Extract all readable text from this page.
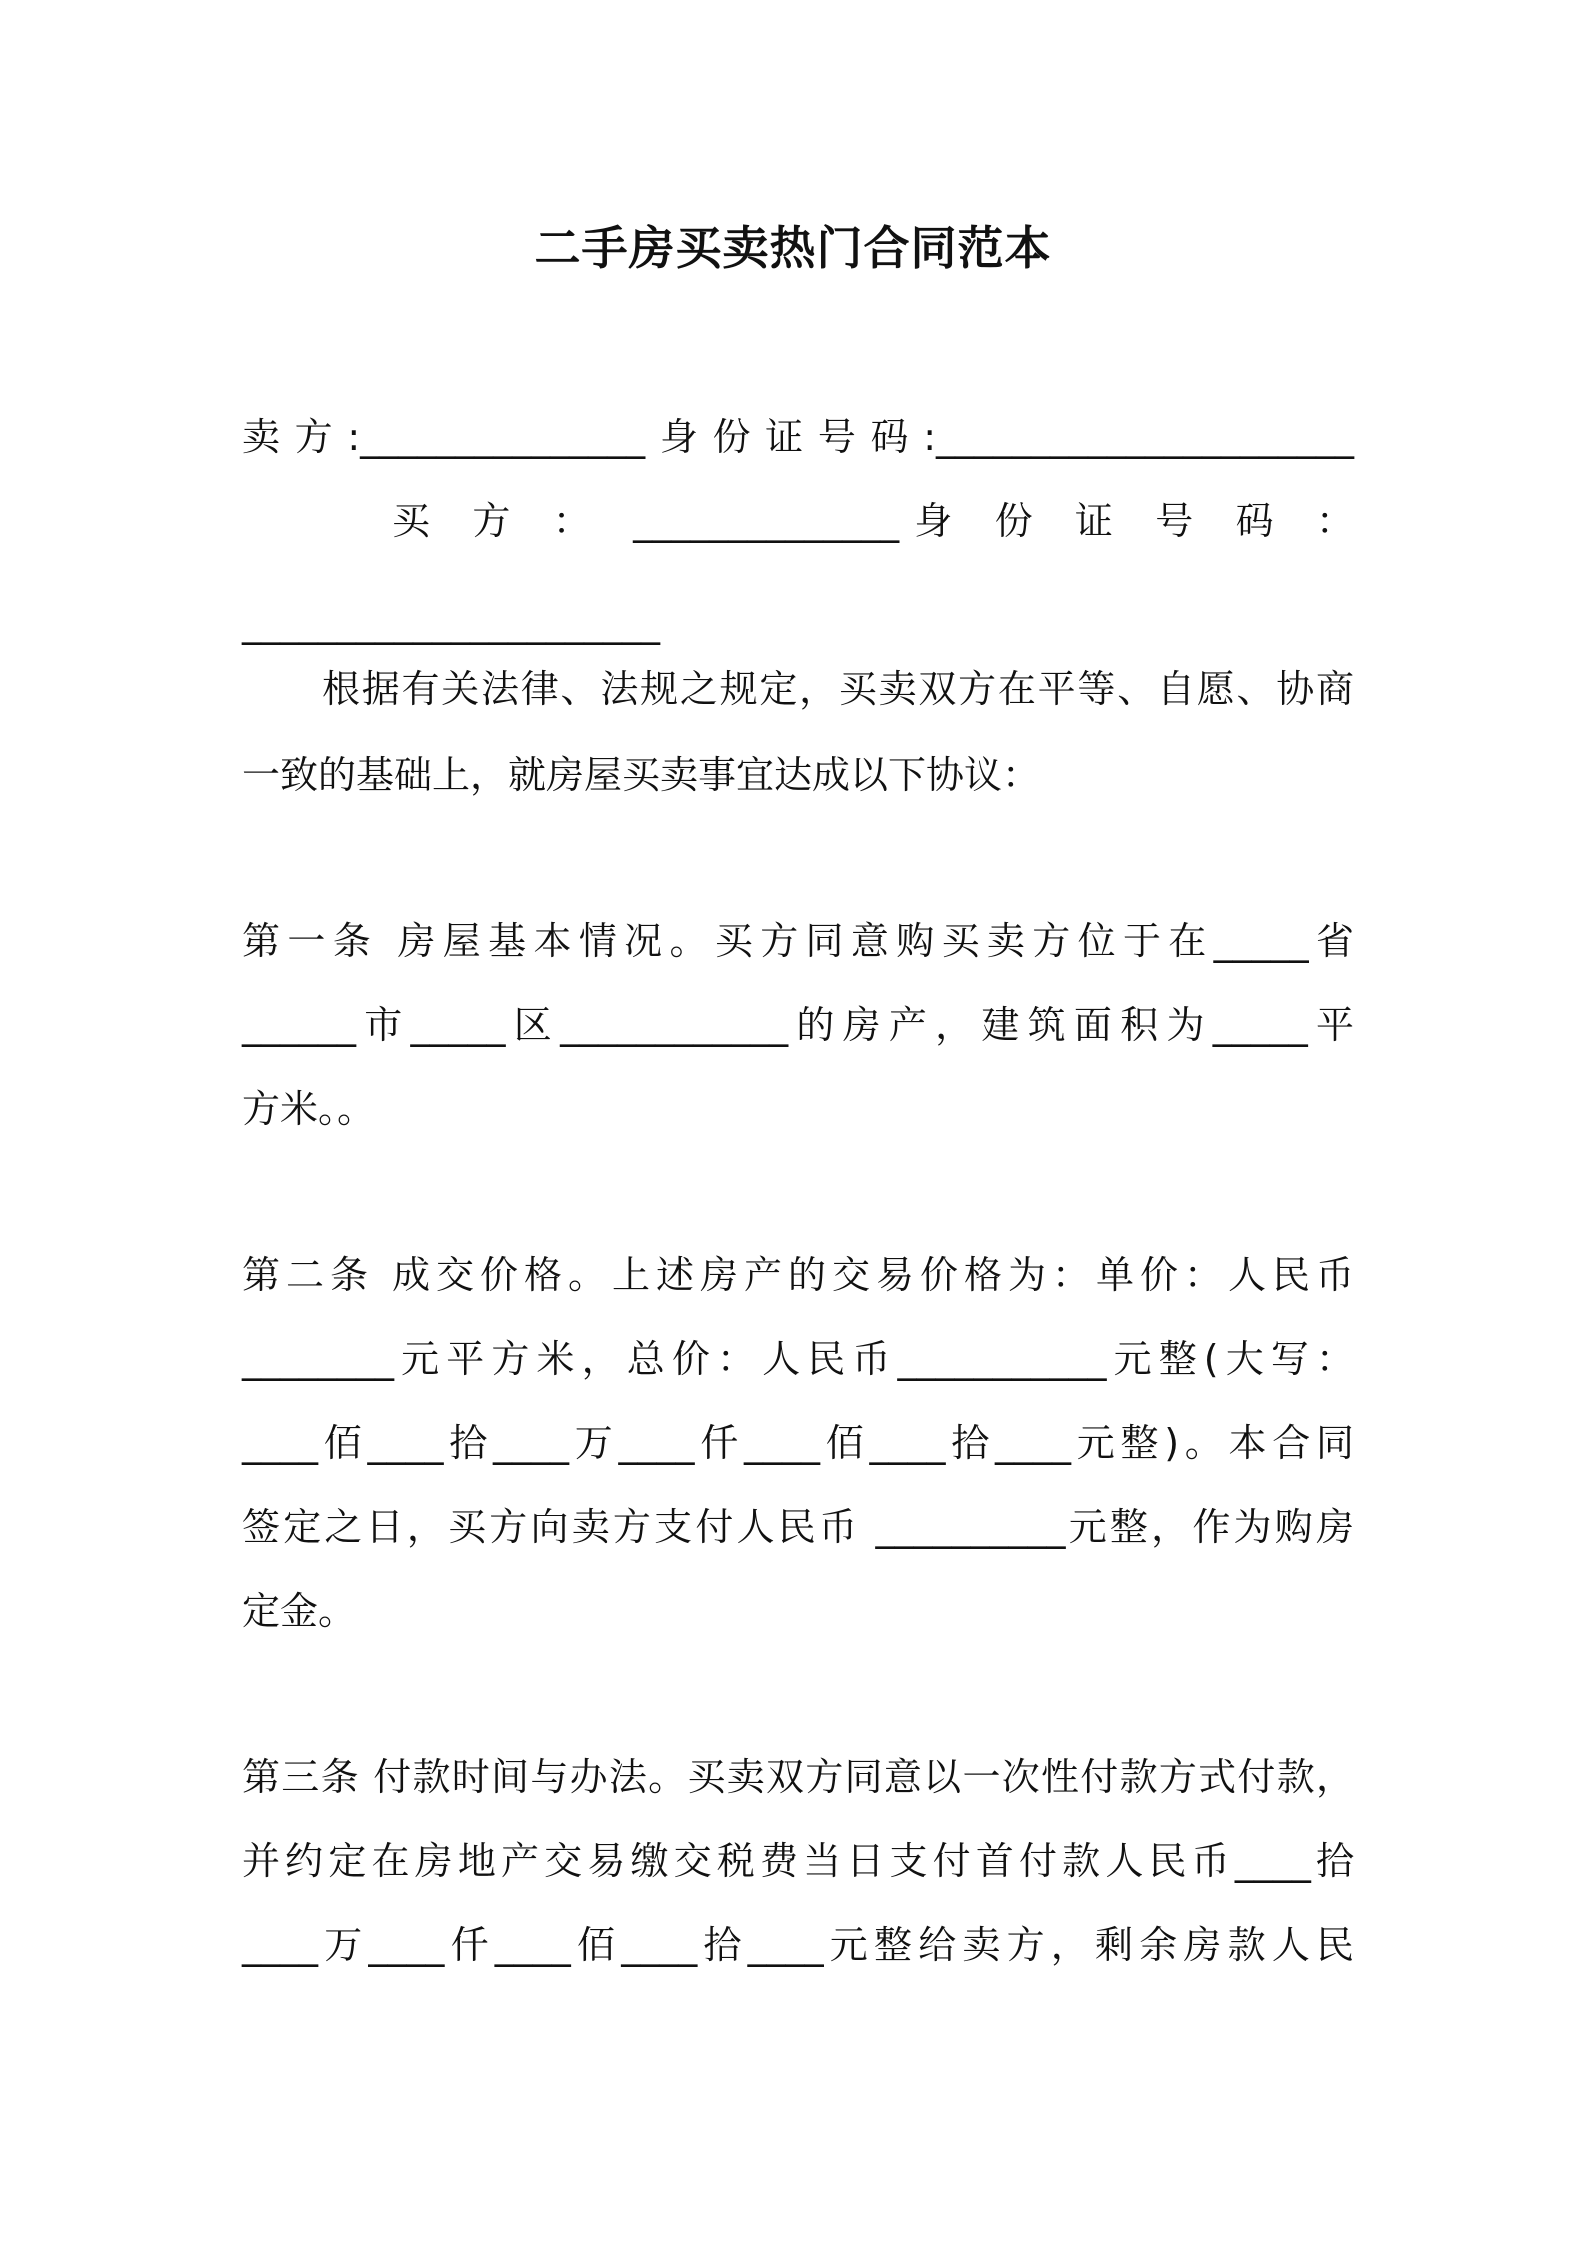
二手房买卖热门合同范本
卖方:_______________身份证号码:______________________
买 方 ： ______________身 份 证 号 码 ：
______________________
根据有关法律、法规之规定，买卖双方在平等、自愿、协商
一致的基础上，就房屋买卖事宜达成以下协议：
第一条 房屋基本情况。买方同意购买卖方位于在_____省
______市_____区____________的房产，建筑面积为_____平
方米。。
第二条 成交价格。上述房产的交易价格为：单价：人民币
________元平方米，总价：人民币___________元整(大写：
____佰____拾____万____仟____佰____拾____元整)。本合同
签定之日，买方向卖方支付人民币 __________元整，作为购房
定金。
第三条 付款时间与办法。买卖双方同意以一次性付款方式付款，
并约定在房地产交易缴交税费当日支付首付款人民币____拾
____万____仟____佰____拾____元整给卖方，剩余房款人民
